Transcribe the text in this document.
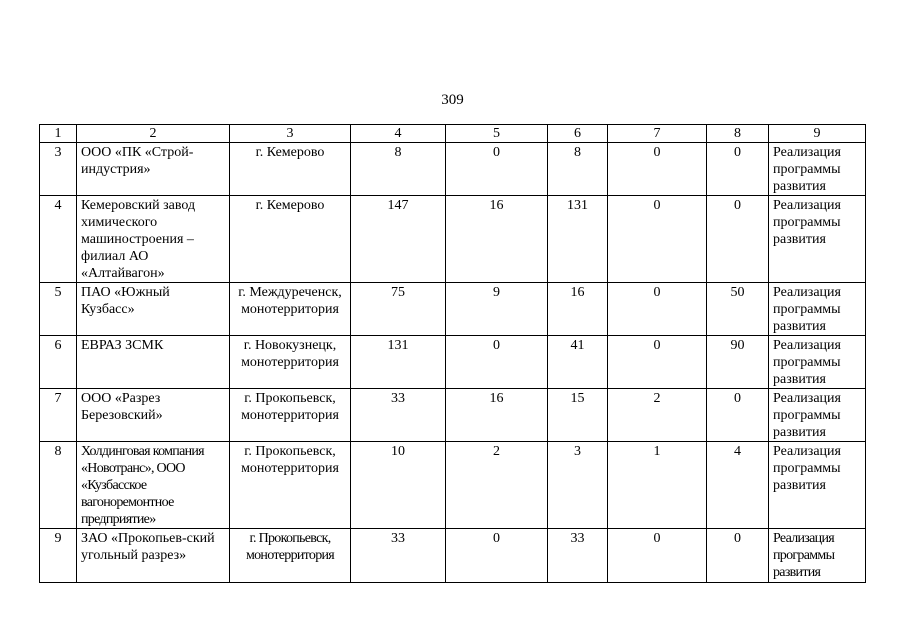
309
1	2	3	4	5	6	7	8	9
3	ООО «ПК «Строй-индустрия»	г. Кемерово	8	0	8	0	0	Реализация программы развития
4	Кемеровский завод химического машиностроения – филиал АО «Алтайвагон»	г. Кемерово	147	16	131	0	0	Реализация программы развития
5	ПАО «Южный Кузбасс»	г. Междуреченск, монотерритория	75	9	16	0	50	Реализация программы развития
6	ЕВРАЗ ЗСМК	г. Новокузнецк, монотерритория	131	0	41	0	90	Реализация программы развития
7	ООО «Разрез Березовский»	г. Прокопьевск, монотерритория	33	16	15	2	0	Реализация программы развития
8	Холдинговая компания «Новотранс», ООО «Кузбасское вагоноремонтное предприятие»	г. Прокопьевск, монотерритория	10	2	3	1	4	Реализация программы развития
9	ЗАО «Прокопьев-ский угольный разрез»	г. Прокопьевск, монотерритория	33	0	33	0	0	Реализация программы развития
